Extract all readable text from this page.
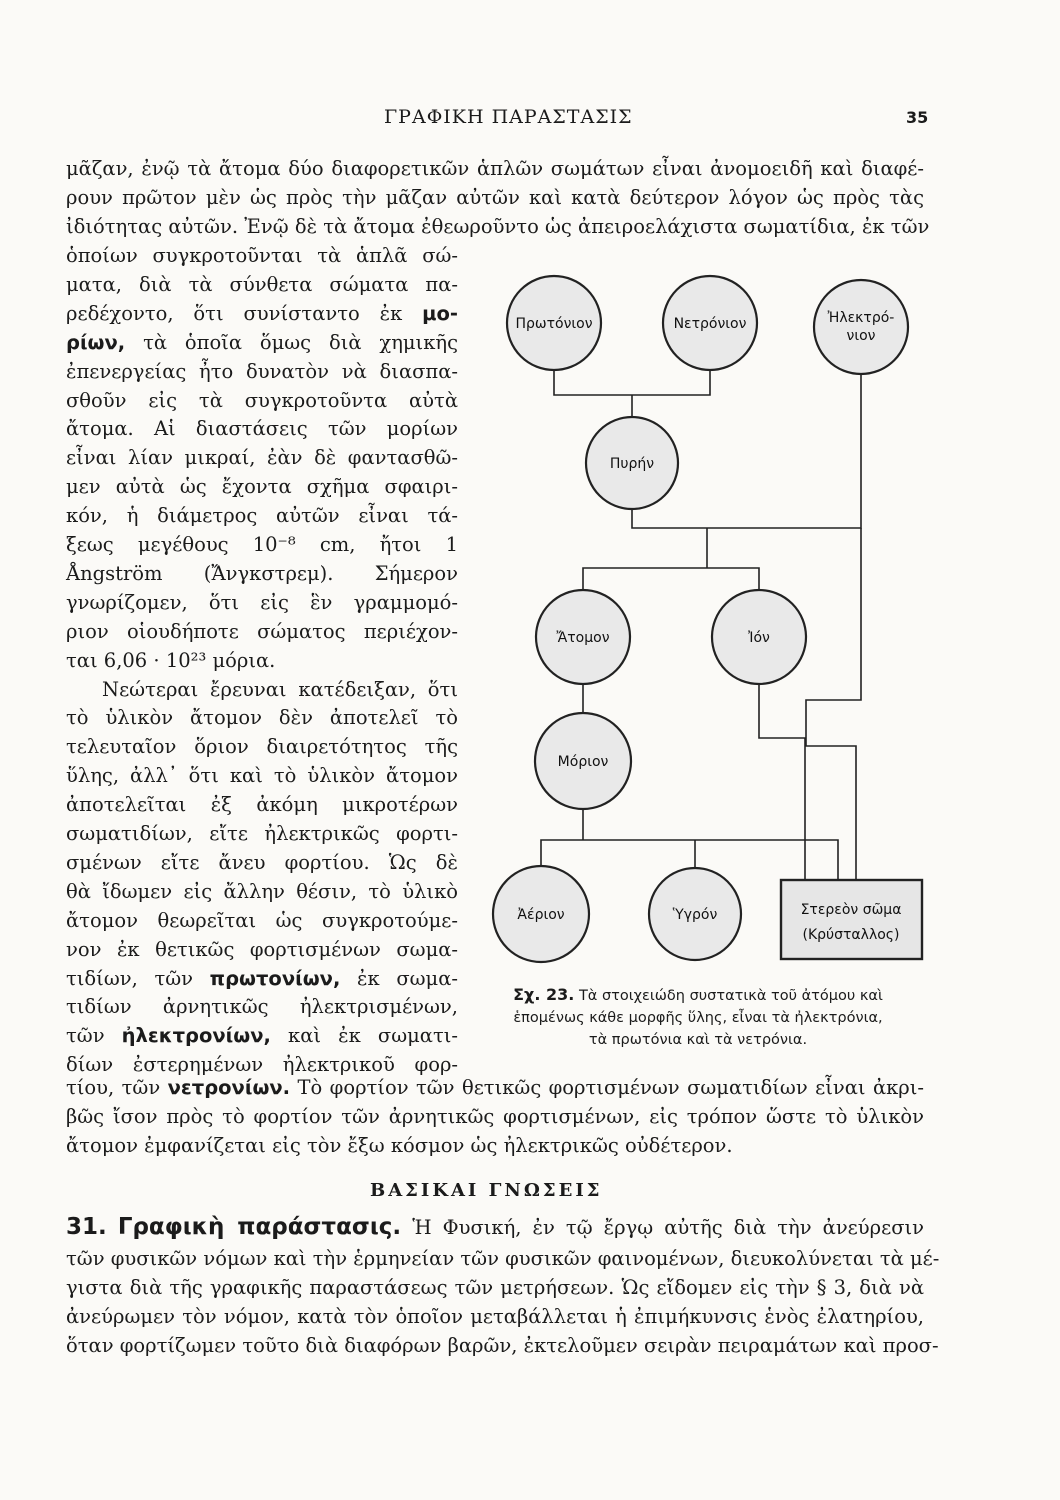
ΓΡΑΦΙΚΗ ΠΑΡΑΣΤΑΣΙΣ	35
μᾶζαν, ἐνῷ τὰ ἄτομα δύο διαφορετικῶν ἁπλῶν σωμάτων εἶναι ἀνομοειδῆ καὶ διαφέ-
ρουν πρῶτον μὲν ὡς πρὸς τὴν μᾶζαν αὐτῶν καὶ κατὰ δεύτερον λόγον ὡς πρὸς τὰς
ἰδιότητας αὐτῶν. Ἐνῷ δὲ τὰ ἄτομα ἐθεωροῦντο ὡς ἀπειροελάχιστα σωματίδια, ἐκ τῶν
ὁποίων συγκροτοῦνται τὰ ἁπλᾶ σώ-
ματα, διὰ τὰ σύνθετα σώματα πα-
ρεδέχοντο, ὅτι συνίσταντο ἐκ μο-
ρίων, τὰ ὁποῖα ὅμως διὰ χημικῆς
ἐπενεργείας ἦτο δυνατὸν νὰ διασπα-
σθοῦν εἰς τὰ συγκροτοῦντα αὐτὰ
ἄτομα. Αἱ διαστάσεις τῶν μορίων
εἶναι λίαν μικραί, ἐὰν δὲ φαντασθῶ-
μεν αὐτὰ ὡς ἔχοντα σχῆμα σφαιρι-
κόν, ἡ διάμετρος αὐτῶν εἶναι τά-
ξεως μεγέθους 10⁻⁸ cm, ἤτοι 1
Ångström (Ἄνγκστρεμ). Σήμερον
γνωρίζομεν, ὅτι εἰς ἓν γραμμομό-
ριον οἱουδήποτε σώματος περιέχον-
ται 6,06 · 10²³ μόρια.
Νεώτεραι ἔρευναι κατέδειξαν, ὅτι
τὸ ὑλικὸν ἄτομον δὲν ἀποτελεῖ τὸ
τελευταῖον ὅριον διαιρετότητος τῆς
ὕλης, ἀλλ᾽ ὅτι καὶ τὸ ὑλικὸν ἄτομον
ἀποτελεῖται ἐξ ἀκόμη μικροτέρων
σωματιδίων, εἴτε ἠλεκτρικῶς φορτι-
σμένων εἴτε ἄνευ φορτίου. Ὡς δὲ
θὰ ἴδωμεν εἰς ἄλλην θέσιν, τὸ ὑλικὸ
ἄτομον θεωρεῖται ὡς συγκροτούμε-
νον ἐκ θετικῶς φορτισμένων σωμα-
τιδίων, τῶν πρωτονίων, ἐκ σωμα-
τιδίων ἀρνητικῶς ἠλεκτρισμένων,
τῶν ἠλεκτρονίων, καὶ ἐκ σωματι-
δίων ἐστερημένων ἠλεκτρικοῦ φορ-
τίου, τῶν νετρονίων. Τὸ φορτίον τῶν θετικῶς φορτισμένων σωματιδίων εἶναι ἀκρι-
βῶς ἴσον πρὸς τὸ φορτίον τῶν ἀρνητικῶς φορτισμένων, εἰς τρόπον ὥστε τὸ ὑλικὸν
ἄτομον ἐμφανίζεται εἰς τὸν ἔξω κόσμον ὡς ἠλεκτρικῶς οὐδέτερον.
Πρωτόνιον	Νετρόνιον	Ἠλεκτρό-
νιον
Πυρήν
Ἄτομον	Ἰόν
Μόριον
Ἀέριον	Ὑγρόν	Στερεὸν σῶμα
(Κρύσταλλος)
Σχ. 23. Τὰ στοιχειώδη συστατικὰ τοῦ ἀτόμου καὶ
ἑπομένως κάθε μορφῆς ὕλης, εἶναι τὰ ἠλεκτρόνια,
τὰ πρωτόνια καὶ τὰ νετρόνια.
ΒΑΣΙΚΑΙ ΓΝΩΣΕΙΣ
31. Γραφικὴ παράστασις. Ἡ Φυσική, ἐν τῷ ἔργῳ αὐτῆς διὰ τὴν ἀνεύρεσιν
τῶν φυσικῶν νόμων καὶ τὴν ἑρμηνείαν τῶν φυσικῶν φαινομένων, διευκολύνεται τὰ μέ-
γιστα διὰ τῆς γραφικῆς παραστάσεως τῶν μετρήσεων. Ὡς εἴδομεν εἰς τὴν § 3, διὰ νὰ
ἀνεύρωμεν τὸν νόμον, κατὰ τὸν ὁποῖον μεταβάλλεται ἡ ἐπιμήκυνσις ἑνὸς ἐλατηρίου,
ὅταν φορτίζωμεν τοῦτο διὰ διαφόρων βαρῶν, ἐκτελοῦμεν σειρὰν πειραμάτων καὶ προσ-
